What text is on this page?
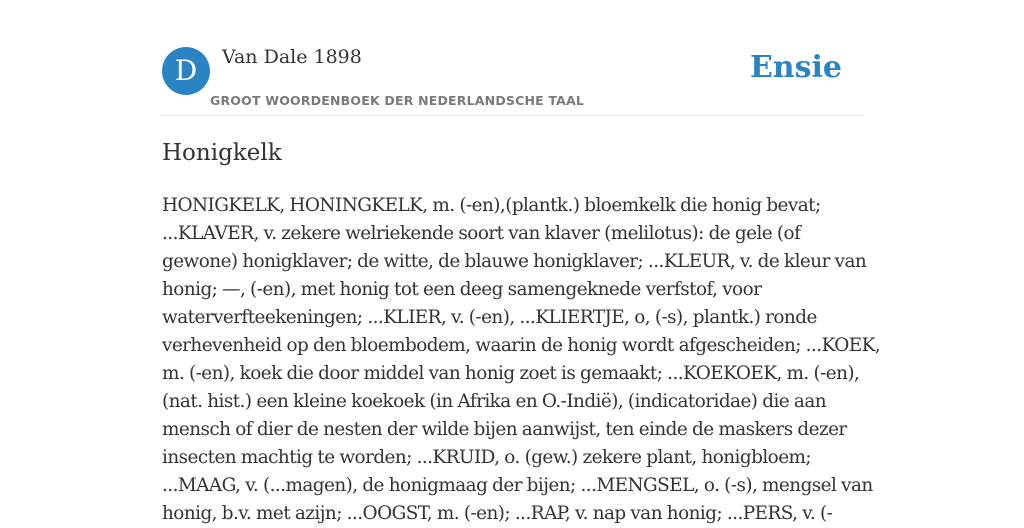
D	Van Dale 1898
GROOT WOORDENBOEK DER NEDERLANDSCHE TAAL
Ensie
Honigkelk
HONIGKELK, HONINGKELK, m. (-en),(plantk.) bloemkelk die honig bevat;
...KLAVER, v. zekere welriekende soort van klaver (melilotus): de gele (of
gewone) honigklaver; de witte, de blauwe honigklaver; ...KLEUR, v. de kleur van
honig; —, (-en), met honig tot een deeg samengeknede verfstof, voor
waterverfteekeningen; ...KLIER, v. (-en), ...KLIERTJE, o, (-s), plantk.) ronde
verhevenheid op den bloembodem, waarin de honig wordt afgescheiden; ...KOEK,
m. (-en), koek die door middel van honig zoet is gemaakt; ...KOEKOEK, m. (-en),
(nat. hist.) een kleine koekoek (in Afrika en O.-Indië), (indicatoridae) die aan
mensch of dier de nesten der wilde bijen aanwijst, ten einde de maskers dezer
insecten machtig te worden; ...KRUID, o. (gew.) zekere plant, honigbloem;
...MAAG, v. (...magen), de honigmaag der bijen; ...MENGSEL, o. (-s), mengsel van
honig, b.v. met azijn; ...OOGST, m. (-en); ...RAP, v. nap van honig; ...PERS, v. (-
